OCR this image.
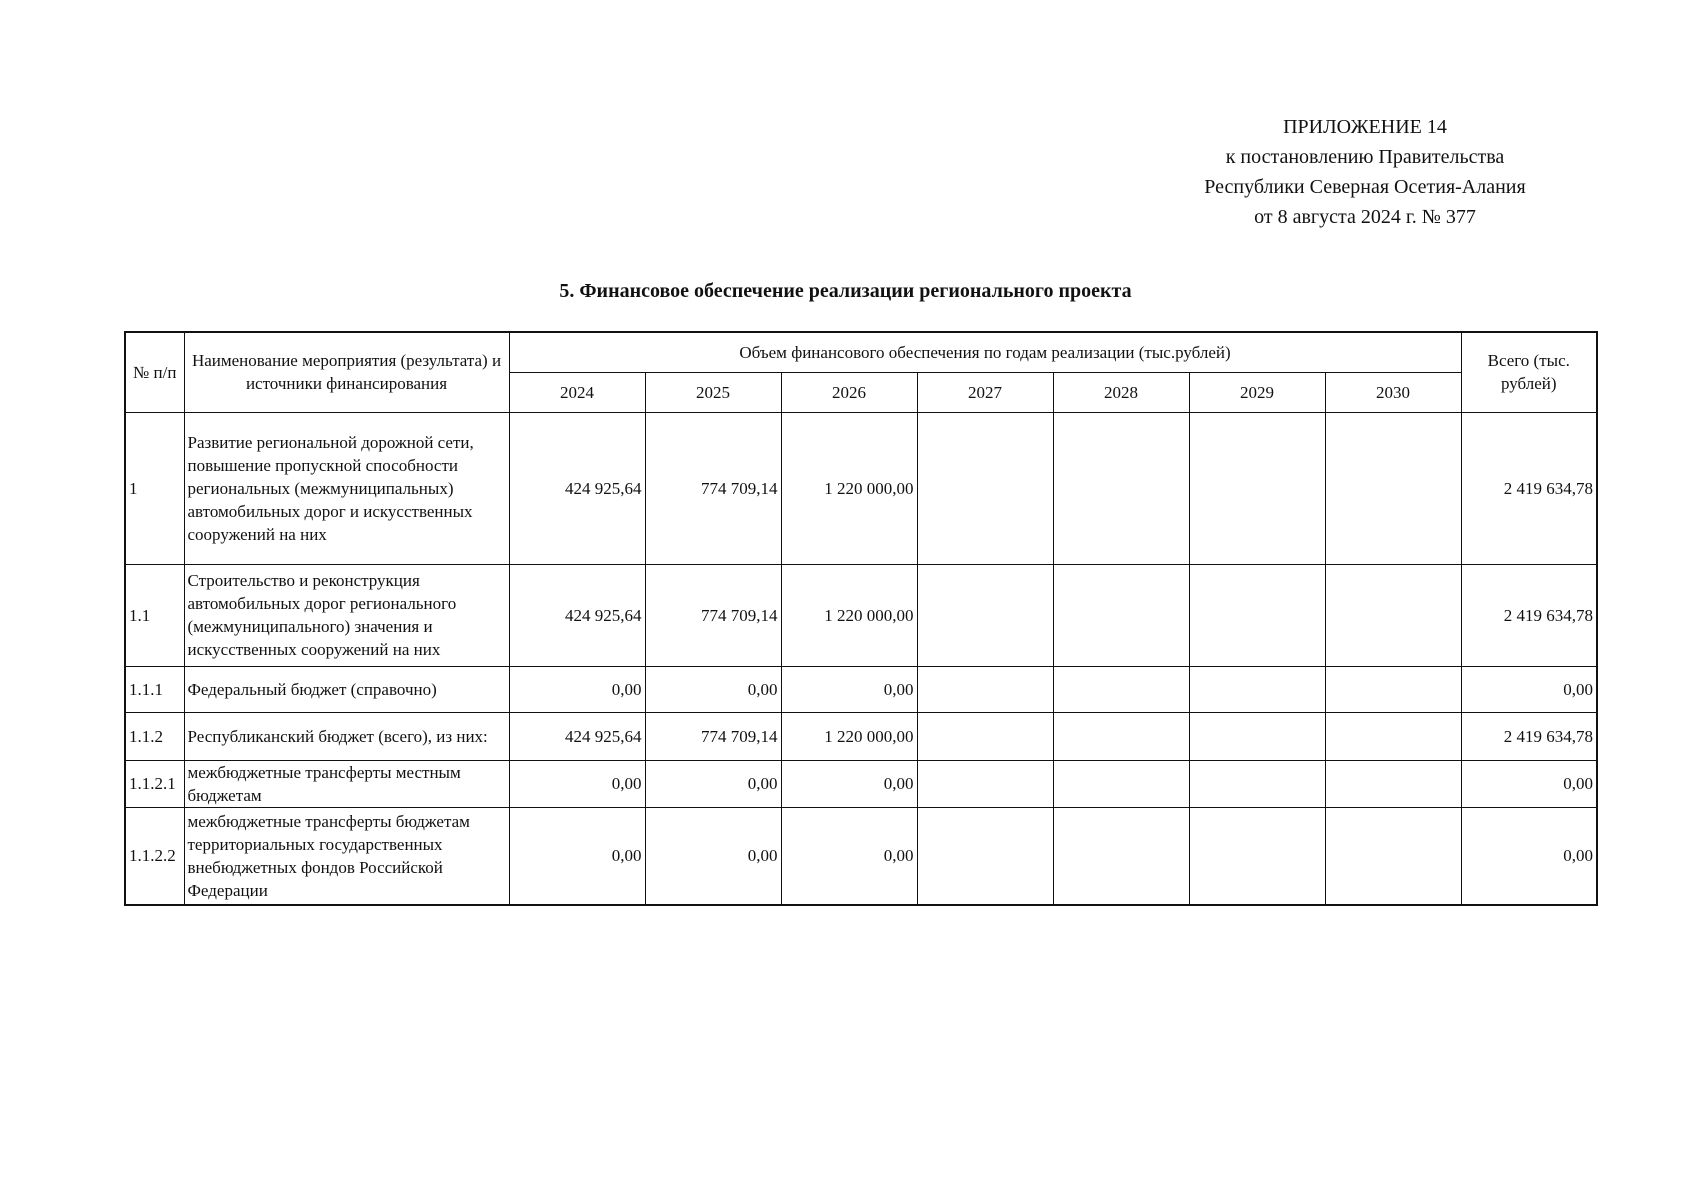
ПРИЛОЖЕНИЕ 14
к постановлению Правительства
Республики Северная Осетия-Алания
от 8 августа 2024 г. № 377
5. Финансовое обеспечение реализации регионального проекта
№ п/п	Наименование мероприятия (результата) и источники финансирования	Объем финансового обеспечения по годам реализации (тыс.рублей)							Всего (тыс. рублей)
		2024	2025	2026	2027	2028	2029	2030	
1	Развитие региональной дорожной сети, повышение пропускной способности региональных (межмуниципальных) автомобильных дорог и искусственных сооружений на них	424 925,64	774 709,14	1 220 000,00					2 419 634,78
1.1	Строительство и реконструкция автомобильных дорог регионального (межмуниципального) значения и искусственных сооружений на них	424 925,64	774 709,14	1 220 000,00					2 419 634,78
1.1.1	Федеральный бюджет (справочно)	0,00	0,00	0,00					0,00
1.1.2	Республиканский бюджет (всего), из них:	424 925,64	774 709,14	1 220 000,00					2 419 634,78
1.1.2.1	межбюджетные трансферты местным бюджетам	0,00	0,00	0,00					0,00
1.1.2.2	межбюджетные трансферты бюджетам территориальных государственных внебюджетных фондов Российской Федерации	0,00	0,00	0,00					0,00
